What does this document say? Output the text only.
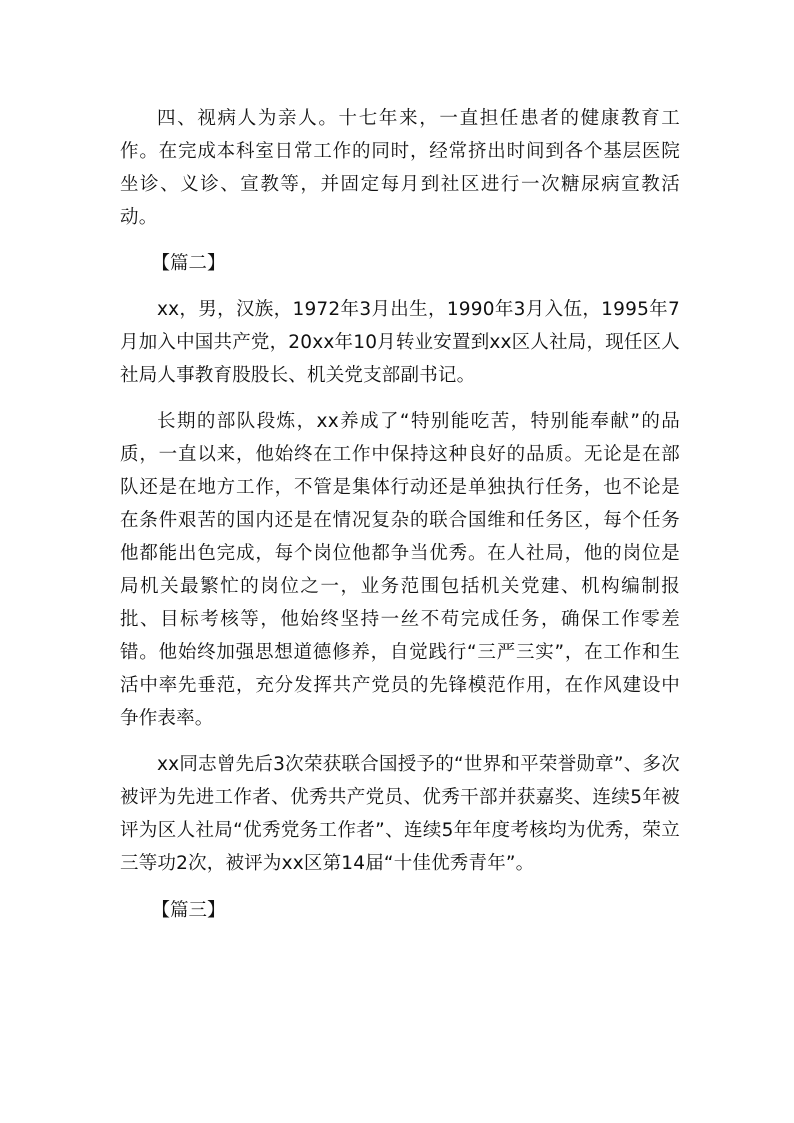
四、视病人为亲人。十七年来，一直担任患者的健康教育工作。在完成本科室日常工作的同时，经常挤出时间到各个基层医院坐诊、义诊、宣教等，并固定每月到社区进行一次糖尿病宣教活动。

【篇二】

xx，男，汉族，1972年3月出生，1990年3月入伍，1995年7月加入中国共产党，20xx年10月转业安置到xx区人社局，现任区人社局人事教育股股长、机关党支部副书记。

长期的部队段炼，xx养成了“特别能吃苦，特别能奉献”的品质，一直以来，他始终在工作中保持这种良好的品质。无论是在部队还是在地方工作，不管是集体行动还是单独执行任务，也不论是在条件艰苦的国内还是在情况复杂的联合国维和任务区，每个任务他都能出色完成，每个岗位他都争当优秀。在人社局，他的岗位是局机关最繁忙的岗位之一，业务范围包括机关党建、机构编制报批、目标考核等，他始终坚持一丝不苟完成任务，确保工作零差错。他始终加强思想道德修养，自觉践行“三严三实”，在工作和生活中率先垂范，充分发挥共产党员的先锋模范作用，在作风建设中争作表率。

xx同志曾先后3次荣获联合国授予的“世界和平荣誉勋章”、多次被评为先进工作者、优秀共产党员、优秀干部并获嘉奖、连续5年被评为区人社局“优秀党务工作者”、连续5年年度考核均为优秀，荣立三等功2次，被评为xx区第14届“十佳优秀青年”。

【篇三】
